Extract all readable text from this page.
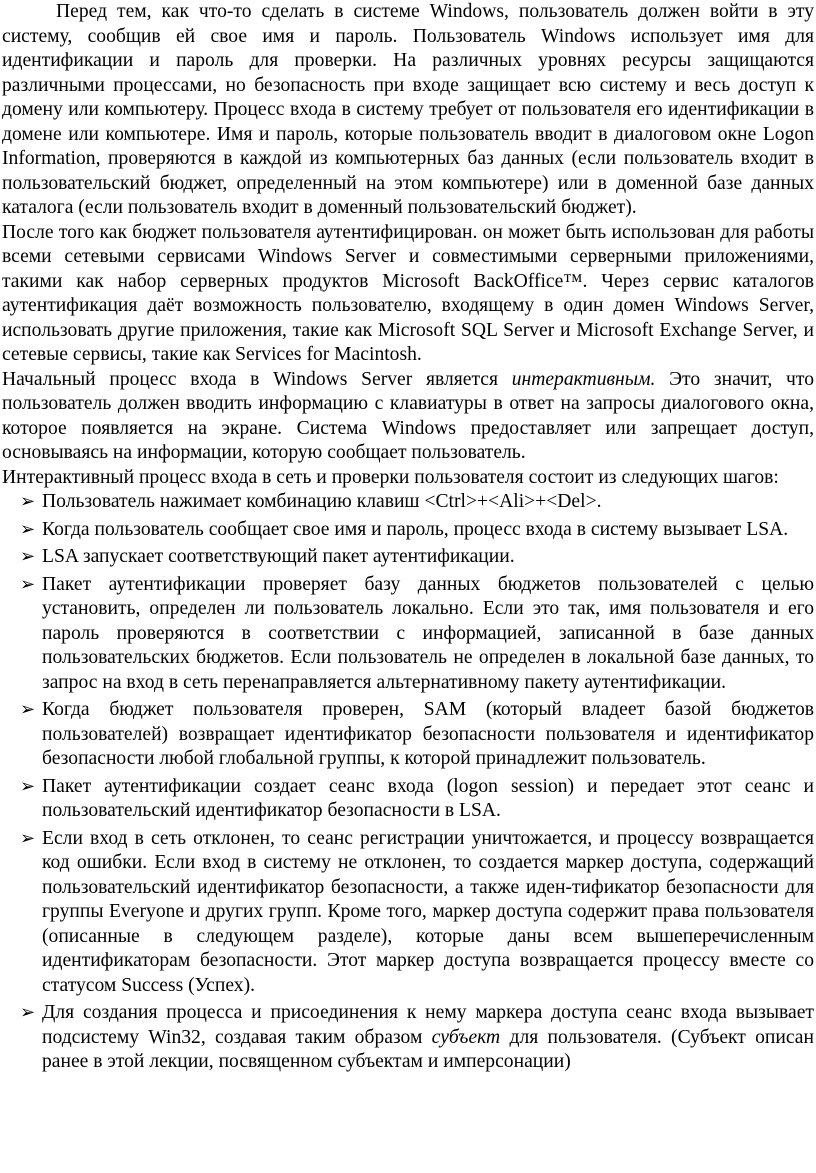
Перед тем, как что-то сделать в системе Windows, пользователь должен войти в эту систему, сообщив ей свое имя и пароль. Пользователь Windows использует имя для идентификации и пароль для проверки. На различных уровнях ресурсы защищаются различными процессами, но безопасность при входе защищает всю систему и весь доступ к домену или компьютеру. Процесс входа в систему требует от пользователя его идентификации в домене или компьютере. Имя и пароль, которые пользователь вводит в диалоговом окне Logon Information, проверяются в каждой из компьютерных баз данных (если пользователь входит в пользовательский бюджет, определенный на этом компьютере) или в доменной базе данных каталога (если пользователь входит в доменный пользовательский бюджет).

После того как бюджет пользователя аутентифицирован. он может быть использован для работы всеми сетевыми сервисами Windows Server и совместимыми серверными приложениями, такими как набор серверных продуктов Microsoft BackOffice™. Через сервис каталогов аутентификация даёт возможность пользователю, входящему в один домен Windows Server, использовать другие приложения, такие как Microsoft SQL Server и Microsoft Exchange Server, и сетевые сервисы, такие как Services for Macintosh.

Начальный процесс входа в Windows Server является интерактивным. Это значит, что пользователь должен вводить информацию с клавиатуры в ответ на запросы диалогового окна, которое появляется на экране. Система Windows предоставляет или запрещает доступ, основываясь на информации, которую сообщает пользователь.

Интерактивный процесс входа в сеть и проверки пользователя состоит из следующих шагов:

➢ Пользователь нажимает комбинацию клавиш <Ctrl>+<Ali>+<Del>.
➢ Когда пользователь сообщает свое имя и пароль, процесс входа в систему вызывает LSA.
➢ LSA запускает соответствующий пакет аутентификации.
➢ Пакет аутентификации проверяет базу данных бюджетов пользователей с целью установить, определен ли пользователь локально. Если это так, имя пользователя и его пароль проверяются в соответствии с информацией, записанной в базе данных пользовательских бюджетов. Если пользователь не определен в локальной базе данных, то запрос на вход в сеть перенаправляется альтернативному пакету аутентификации.
➢ Когда бюджет пользователя проверен, SAM (который владеет базой бюджетов пользователей) возвращает идентификатор безопасности пользователя и идентификатор безопасности любой глобальной группы, к которой принадлежит пользователь.
➢ Пакет аутентификации создает сеанс входа (logon session) и передает этот сеанс и пользовательский идентификатор безопасности в LSA.
➢ Если вход в сеть отклонен, то сеанс регистрации уничтожается, и процессу возвращается код ошибки. Если вход в систему не отклонен, то создается маркер доступа, содержащий пользовательский идентификатор безопасности, а также иден-тификатор безопасности для группы Everyone и других групп. Кроме того, маркер доступа содержит права пользователя (описанные в следующем разделе), которые даны всем вышеперечисленным идентификаторам безопасности. Этот маркер доступа возвращается процессу вместе со статусом Success (Успех).
➢ Для создания процесса и присоединения к нему маркера доступа сеанс входа вызывает подсистему Win32, создавая таким образом субъект для пользователя. (Субъект описан ранее в этой лекции, посвященном субъектам и имперсонации)
